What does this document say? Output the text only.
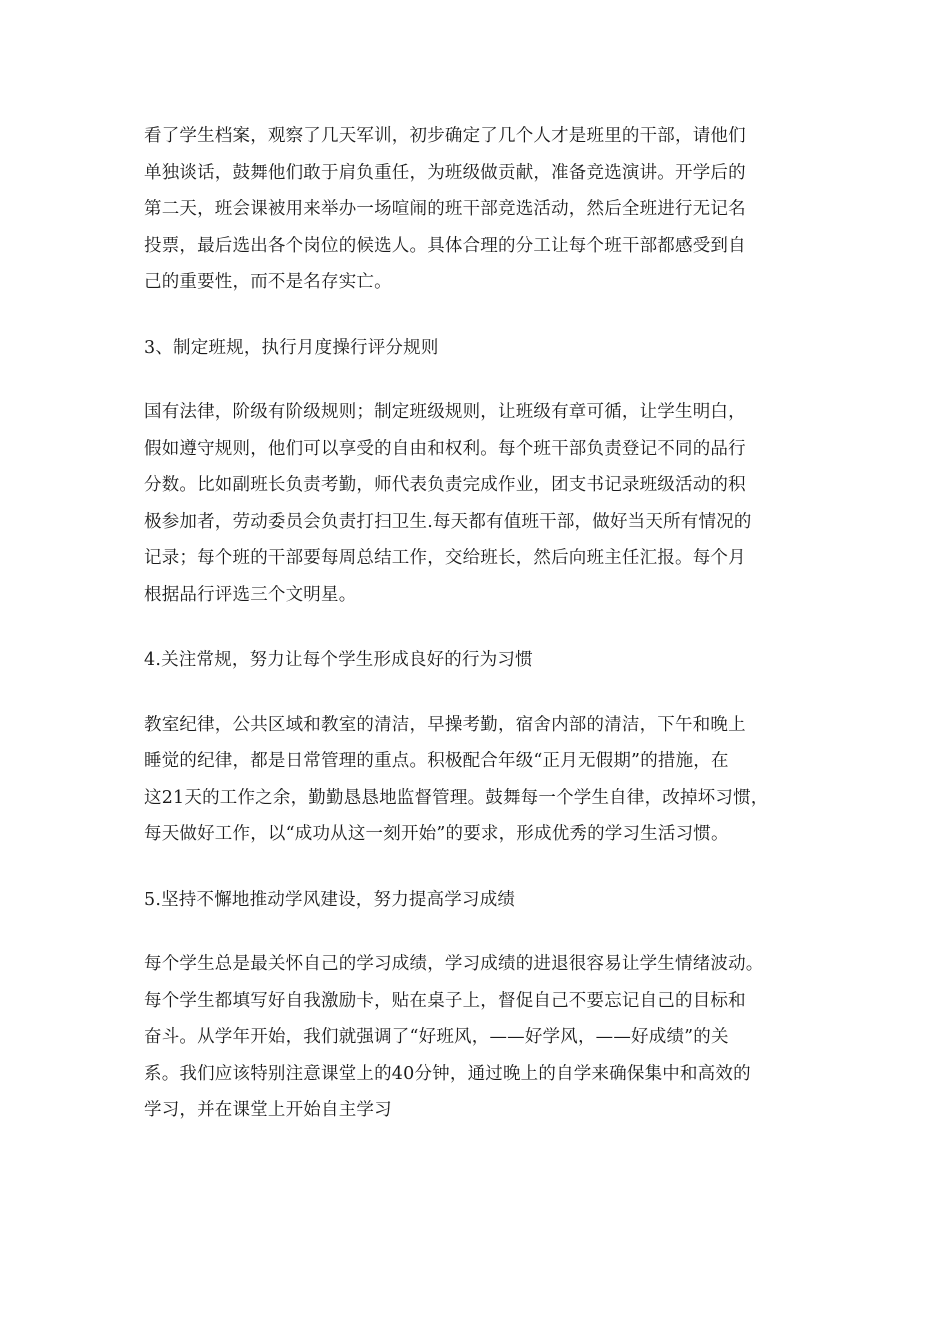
看了学生档案，观察了几天军训，初步确定了几个人才是班里的干部，请他们
单独谈话，鼓舞他们敢于肩负重任，为班级做贡献，准备竞选演讲。开学后的
第二天，班会课被用来举办一场喧闹的班干部竞选活动，然后全班进行无记名
投票，最后选出各个岗位的候选人。具体合理的分工让每个班干部都感受到自
己的重要性，而不是名存实亡。
3、制定班规，执行月度操行评分规则
国有法律，阶级有阶级规则；制定班级规则，让班级有章可循，让学生明白，
假如遵守规则，他们可以享受的自由和权利。每个班干部负责登记不同的品行
分数。比如副班长负责考勤，师代表负责完成作业，团支书记录班级活动的积
极参加者，劳动委员会负责打扫卫生.每天都有值班干部，做好当天所有情况的
记录；每个班的干部要每周总结工作，交给班长，然后向班主任汇报。每个月
根据品行评选三个文明星。
4.关注常规，努力让每个学生形成良好的行为习惯
教室纪律，公共区域和教室的清洁，早操考勤，宿舍内部的清洁，下午和晚上
睡觉的纪律，都是日常管理的重点。积极配合年级“正月无假期”的措施，在
这21天的工作之余，勤勤恳恳地监督管理。鼓舞每一个学生自律，改掉坏习惯，
每天做好工作，以“成功从这一刻开始”的要求，形成优秀的学习生活习惯。
5.坚持不懈地推动学风建设，努力提高学习成绩
每个学生总是最关怀自己的学习成绩，学习成绩的进退很容易让学生情绪波动。
每个学生都填写好自我激励卡，贴在桌子上，督促自己不要忘记自己的目标和
奋斗。从学年开始，我们就强调了“好班风，——好学风，——好成绩”的关
系。我们应该特别注意课堂上的40分钟，通过晚上的自学来确保集中和高效的
学习，并在课堂上开始自主学习
